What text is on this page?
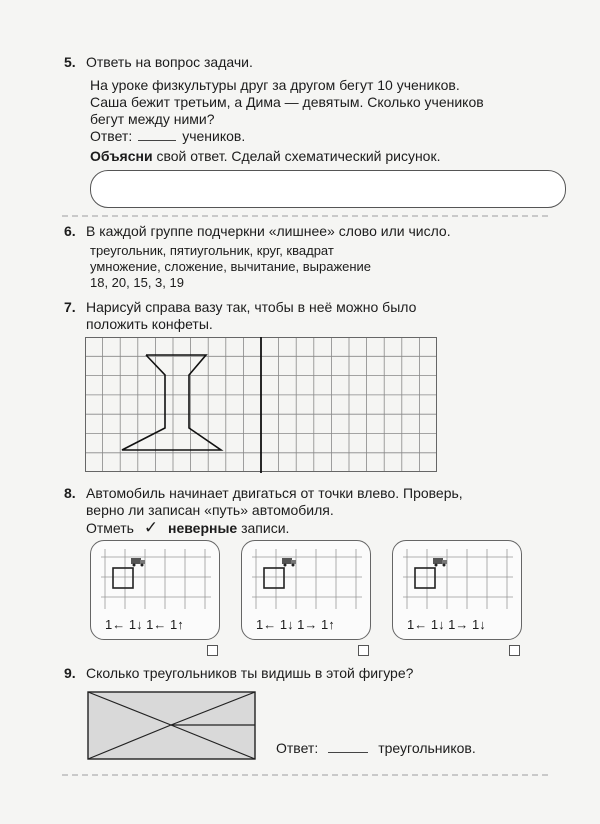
5. Ответь на вопрос задачи.
На уроке физкультуры друг за другом бегут 10 учеников.
Саша бежит третьим, а Дима — девятым. Сколько учеников
бегут между ними?
Ответ:	учеников.
Объясни свой ответ. Сделай схематический рисунок.
6. В каждой группе подчеркни «лишнее» слово или число.
треугольник, пятиугольник, круг, квадрат
умножение, сложение, вычитание, выражение
18, 20, 15, 3, 19
7. Нарисуй справа вазу так, чтобы в неё можно было
положить конфеты.
8. Автомобиль начинает двигаться от точки влево. Проверь,
верно ли записан «путь» автомобиля.
Отметь ✓ неверные записи.
1← 1↓ 1← 1↑	1← 1↓ 1→ 1↑	1← 1↓ 1→ 1↓
9. Сколько треугольников ты видишь в этой фигуре?
Ответ:	треугольников.
